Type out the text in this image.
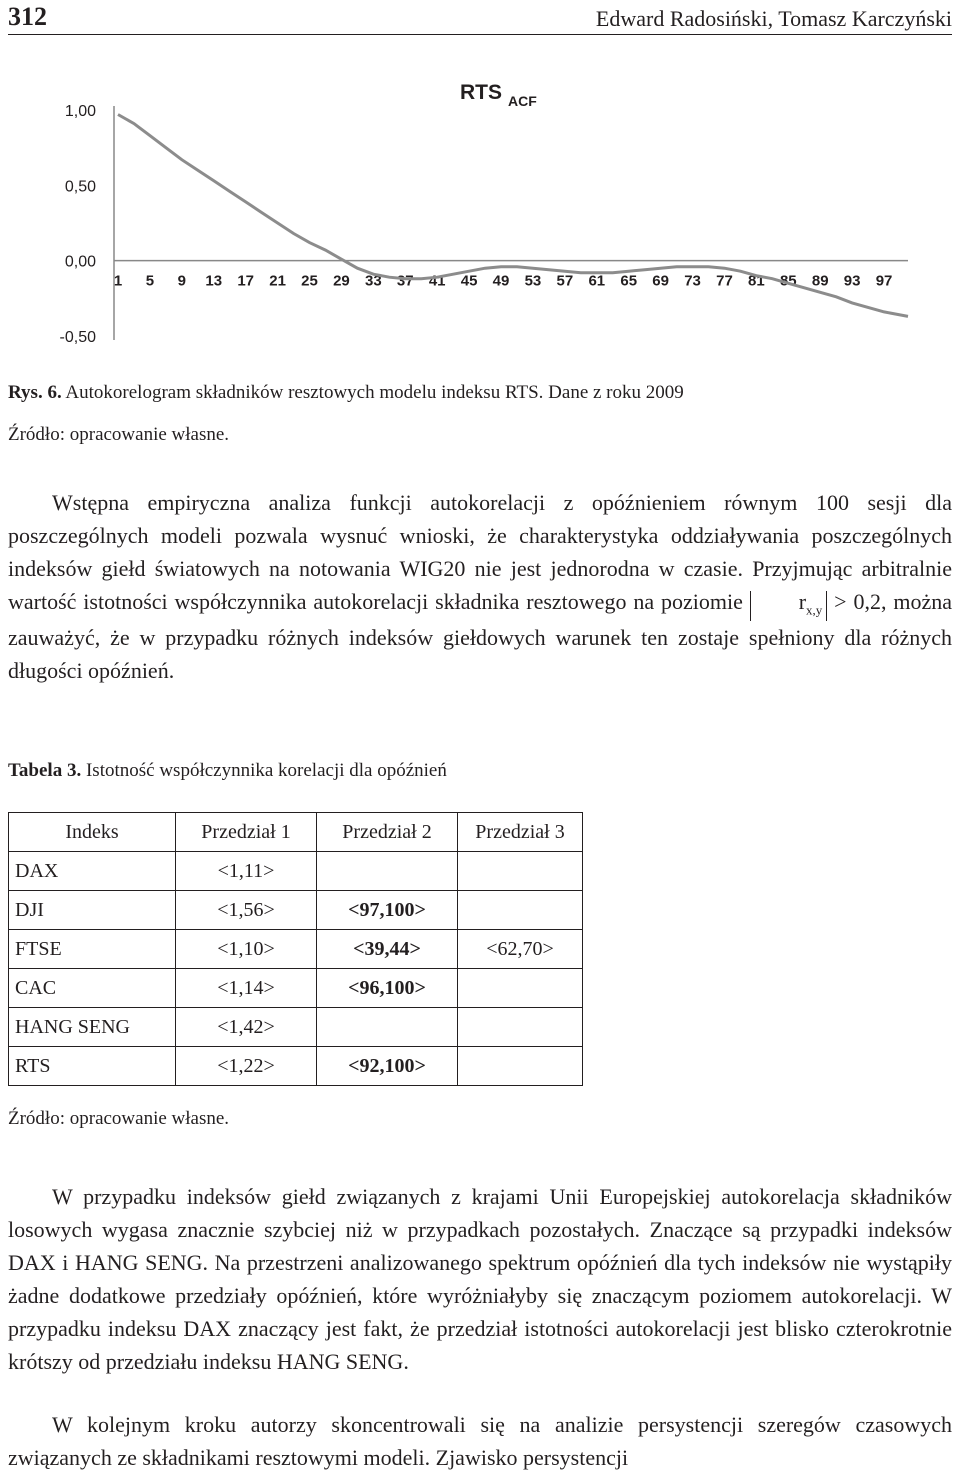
312	Edward Radosiński, Tomasz Karczyński
RTS ACF
1,00
0,50
0,00
-0,50
1 5 9 13 17 21 25 29 33 37 41 45 49 53 57 61 65 69 73 77 81 85 89 93 97
Rys. 6. Autokorelogram składników resztowych modelu indeksu RTS. Dane z roku 2009
Źródło: opracowanie własne.

Wstępna empiryczna analiza funkcji autokorelacji z opóźnieniem równym 100 sesji dla poszczególnych modeli pozwala wysnuć wnioski, że charakterystyka oddziaływania poszczególnych indeksów giełd światowych na notowania WIG20 nie jest jednorodna w czasie. Przyjmując arbitralnie wartość istotności współczynnika autokorelacji składnika resztowego na poziomie $r_{x,y} > 0,2$, można zauważyć, że w przypadku różnych indeksów giełdowych warunek ten zostaje spełniony dla różnych długości opóźnień.

Tabela 3. Istotność współczynnika korelacji dla opóźnień
Indeks	Przedział 1	Przedział 2	Przedział 3
DAX	<1,11>		
DJI	<1,56>	<97,100>	
FTSE	<1,10>	<39,44>	<62,70>
CAC	<1,14>	<96,100>	
HANG SENG	<1,42>		
RTS	<1,22>	<92,100>	
Źródło: opracowanie własne.

W przypadku indeksów giełd związanych z krajami Unii Europejskiej autokorelacja składników losowych wygasa znacznie szybciej niż w przypadkach pozostałych. Znaczące są przypadki indeksów DAX i HANG SENG. Na przestrzeni analizowanego spektrum opóźnień dla tych indeksów nie wystąpiły żadne dodatkowe przedziały opóźnień, które wyróżniałyby się znaczącym poziomem autokorelacji. W przypadku indeksu DAX znaczący jest fakt, że przedział istotności autokorelacji jest blisko czterokrotnie krótszy od przedziału indeksu HANG SENG.

W kolejnym kroku autorzy skoncentrowali się na analizie persystencji szeregów czasowych związanych ze składnikami resztowymi modeli. Zjawisko persystencji
